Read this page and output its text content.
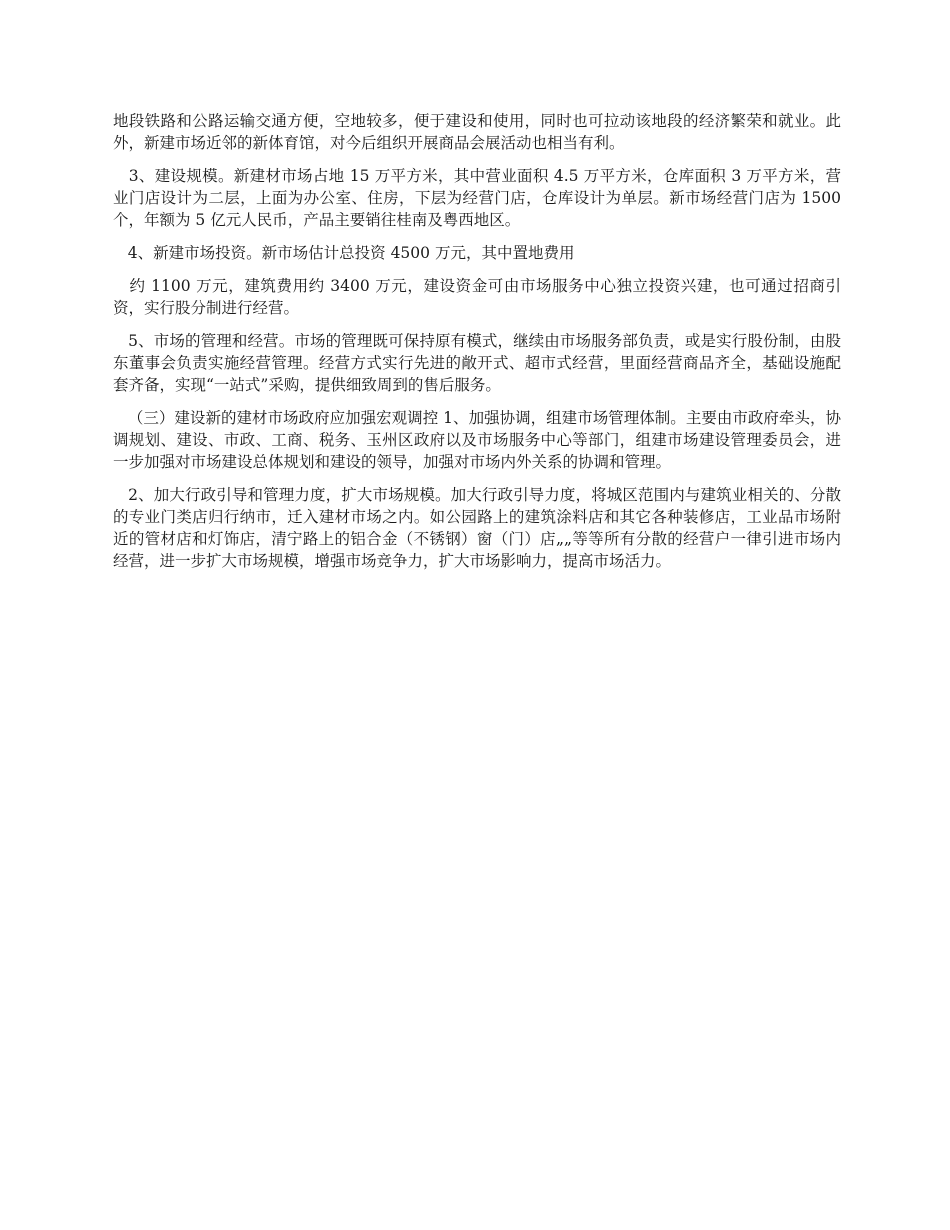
地段铁路和公路运输交通方便，空地较多，便于建设和使用，同时也可拉动该地段的经济繁荣和就业。此外，新建市场近邻的新体育馆，对今后组织开展商品会展活动也相当有利。

3、建设规模。新建材市场占地 15 万平方米，其中营业面积 4.5 万平方米，仓库面积 3 万平方米，营业门店设计为二层，上面为办公室、住房，下层为经营门店，仓库设计为单层。新市场经营门店为 1500 个，年额为 5 亿元人民币，产品主要销往桂南及粤西地区。

4、新建市场投资。新市场估计总投资 4500 万元，其中置地费用

约 1100 万元，建筑费用约 3400 万元，建设资金可由市场服务中心独立投资兴建，也可通过招商引资，实行股分制进行经营。

5、市场的管理和经营。市场的管理既可保持原有模式，继续由市场服务部负责，或是实行股份制，由股东董事会负责实施经营管理。经营方式实行先进的敞开式、超市式经营，里面经营商品齐全，基础设施配套齐备，实现“一站式”采购，提供细致周到的售后服务。

（三）建设新的建材市场政府应加强宏观调控 1、加强协调，组建市场管理体制。主要由市政府牵头，协调规划、建设、市政、工商、税务、玉州区政府以及市场服务中心等部门，组建市场建设管理委员会，进一步加强对市场建设总体规划和建设的领导，加强对市场内外关系的协调和管理。

2、加大行政引导和管理力度，扩大市场规模。加大行政引导力度，将城区范围内与建筑业相关的、分散的专业门类店归行纳市，迁入建材市场之内。如公园路上的建筑涂料店和其它各种装修店，工业品市场附近的管材店和灯饰店，清宁路上的铝合金（不锈钢）窗（门）店„„等等所有分散的经营户一律引进市场内经营，进一步扩大市场规模，增强市场竞争力，扩大市场影响力，提高市场活力。
